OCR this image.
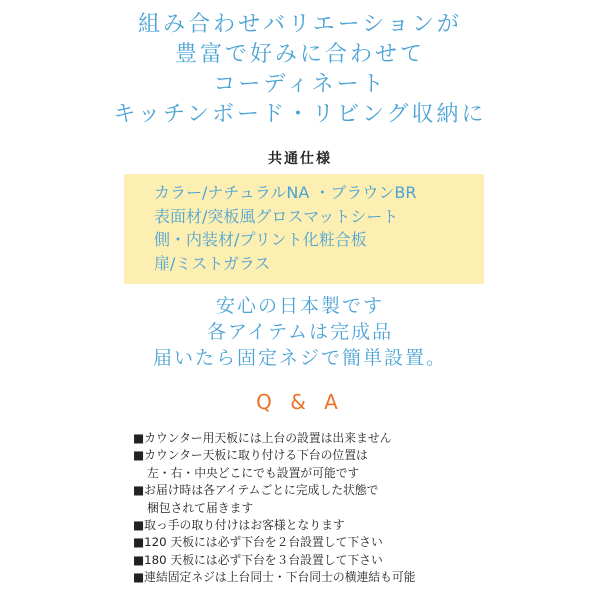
組み合わせバリエーションが
豊富で好みに合わせて
コーディネート
キッチンボード・リビング収納に
共通仕様
カラー/ナチュラルNA ・ブラウンBR
表面材/突板風グロスマットシート
側・内装材/プリント化粧合板
扉/ミストガラス
安心の日本製です
各アイテムは完成品
届いたら固定ネジで簡単設置。
Q & A
■カウンター用天板には上台の設置は出来ません
■カウンター天板に取り付ける下台の位置は
左・右・中央どこにでも設置が可能です
■お届け時は各アイテムごとに完成した状態で
梱包されて届きます
■取っ手の取り付けはお客様となります
■120 天板には必ず下台を２台設置して下さい
■180 天板には必ず下台を３台設置して下さい
■連結固定ネジは上台同士・下台同士の横連結も可能
